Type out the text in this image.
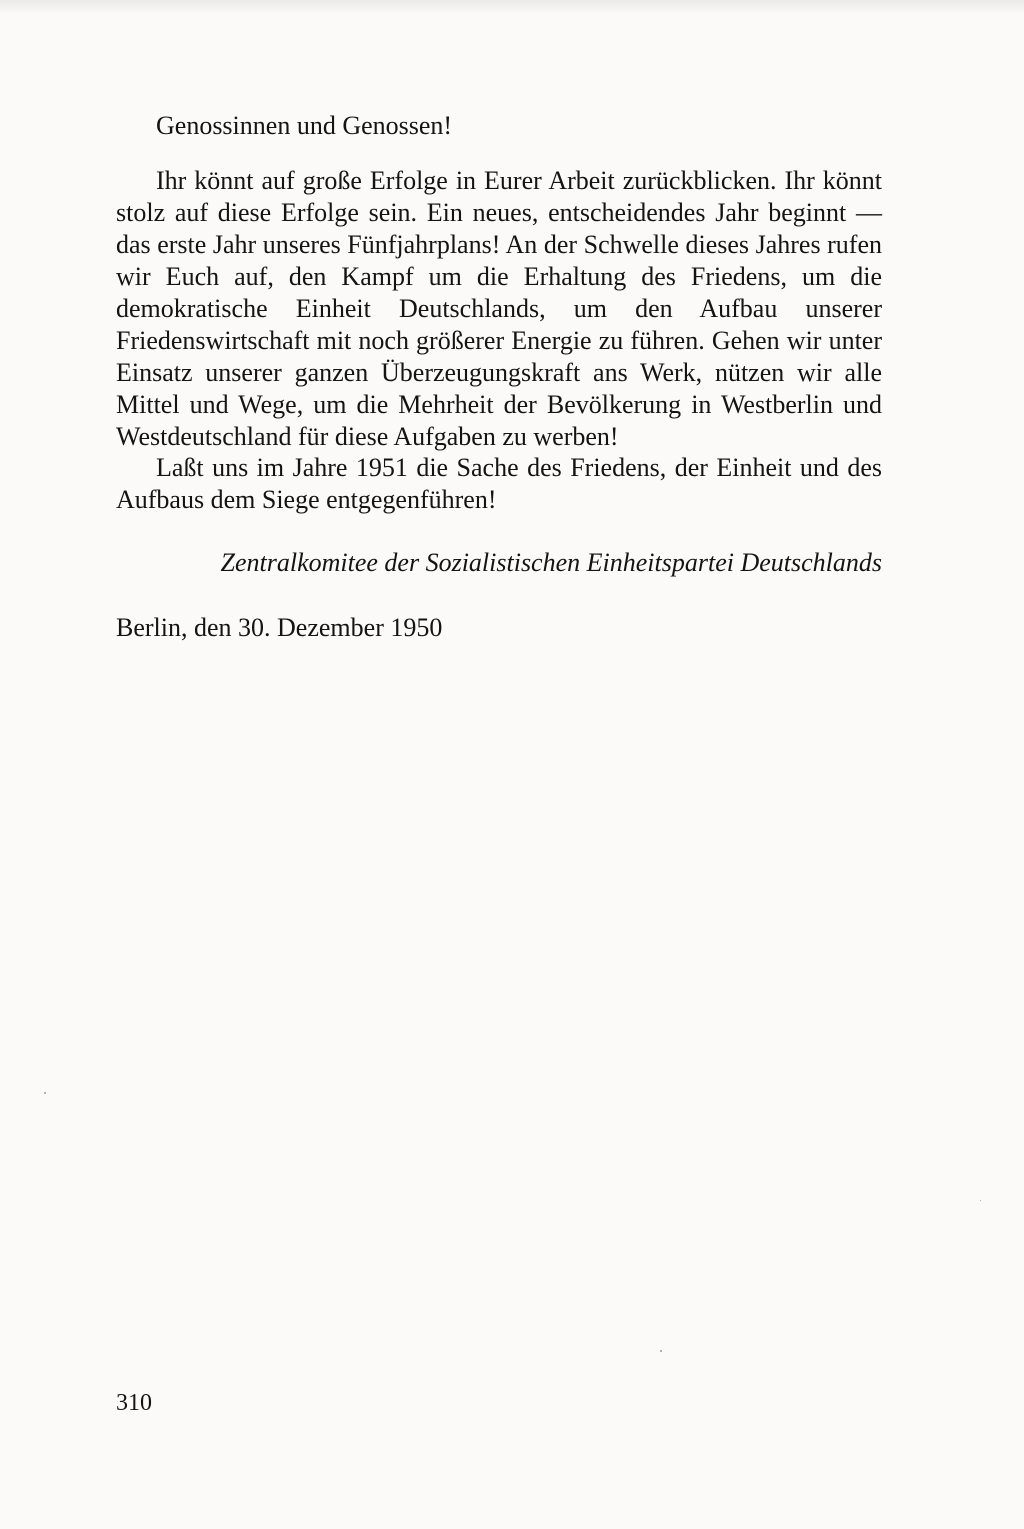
Genossinnen und Genossen!

Ihr könnt auf große Erfolge in Eurer Arbeit zurückblicken. Ihr könnt stolz auf diese Erfolge sein. Ein neues, entscheidendes Jahr beginnt — das erste Jahr unseres Fünfjahrplans! An der Schwelle dieses Jahres rufen wir Euch auf, den Kampf um die Erhaltung des Friedens, um die demokratische Einheit Deutschlands, um den Aufbau unserer Friedenswirtschaft mit noch größerer Energie zu führen. Gehen wir unter Einsatz unserer ganzen Überzeugungskraft ans Werk, nützen wir alle Mittel und Wege, um die Mehrheit der Bevölkerung in Westberlin und Westdeutschland für diese Aufgaben zu werben!

Laßt uns im Jahre 1951 die Sache des Friedens, der Einheit und des Aufbaus dem Siege entgegenführen!

Zentralkomitee der Sozialistischen Einheitspartei Deutschlands
Berlin, den 30. Dezember 1950
310
